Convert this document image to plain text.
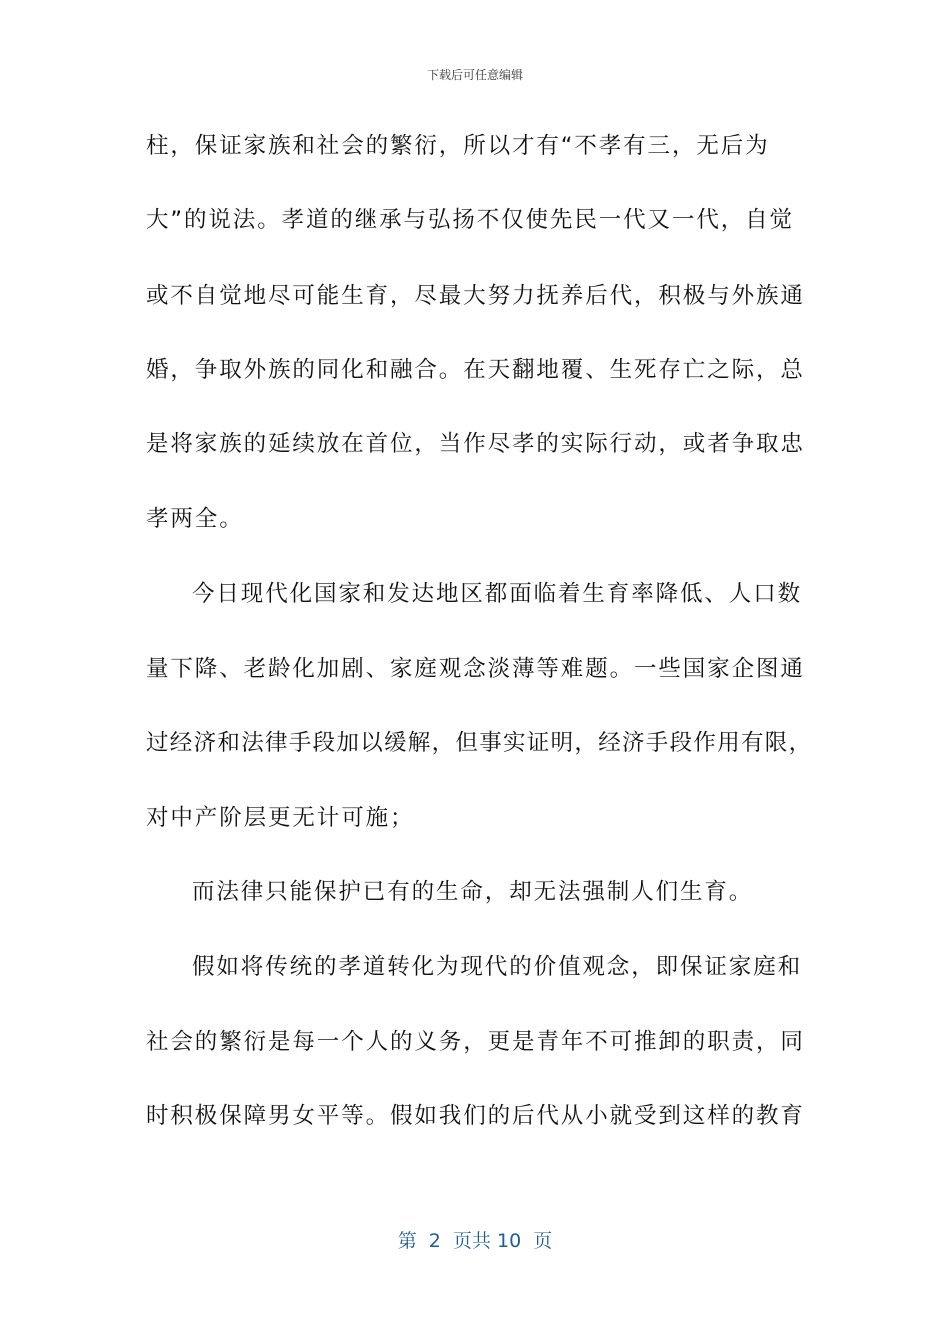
下载后可任意编辑
柱，保证家族和社会的繁衍，所以才有“不孝有三，无后为
大”的说法。孝道的继承与弘扬不仅使先民一代又一代，自觉
或不自觉地尽可能生育，尽最大努力抚养后代，积极与外族通
婚，争取外族的同化和融合。在天翻地覆、生死存亡之际，总
是将家族的延续放在首位，当作尽孝的实际行动，或者争取忠
孝两全。
今日现代化国家和发达地区都面临着生育率降低、人口数
量下降、老龄化加剧、家庭观念淡薄等难题。一些国家企图通
过经济和法律手段加以缓解，但事实证明，经济手段作用有限，
对中产阶层更无计可施；
而法律只能保护已有的生命，却无法强制人们生育。
假如将传统的孝道转化为现代的价值观念，即保证家庭和
社会的繁衍是每一个人的义务，更是青年不可推卸的职责，同
时积极保障男女平等。假如我们的后代从小就受到这样的教育
第  2  页共 10  页
